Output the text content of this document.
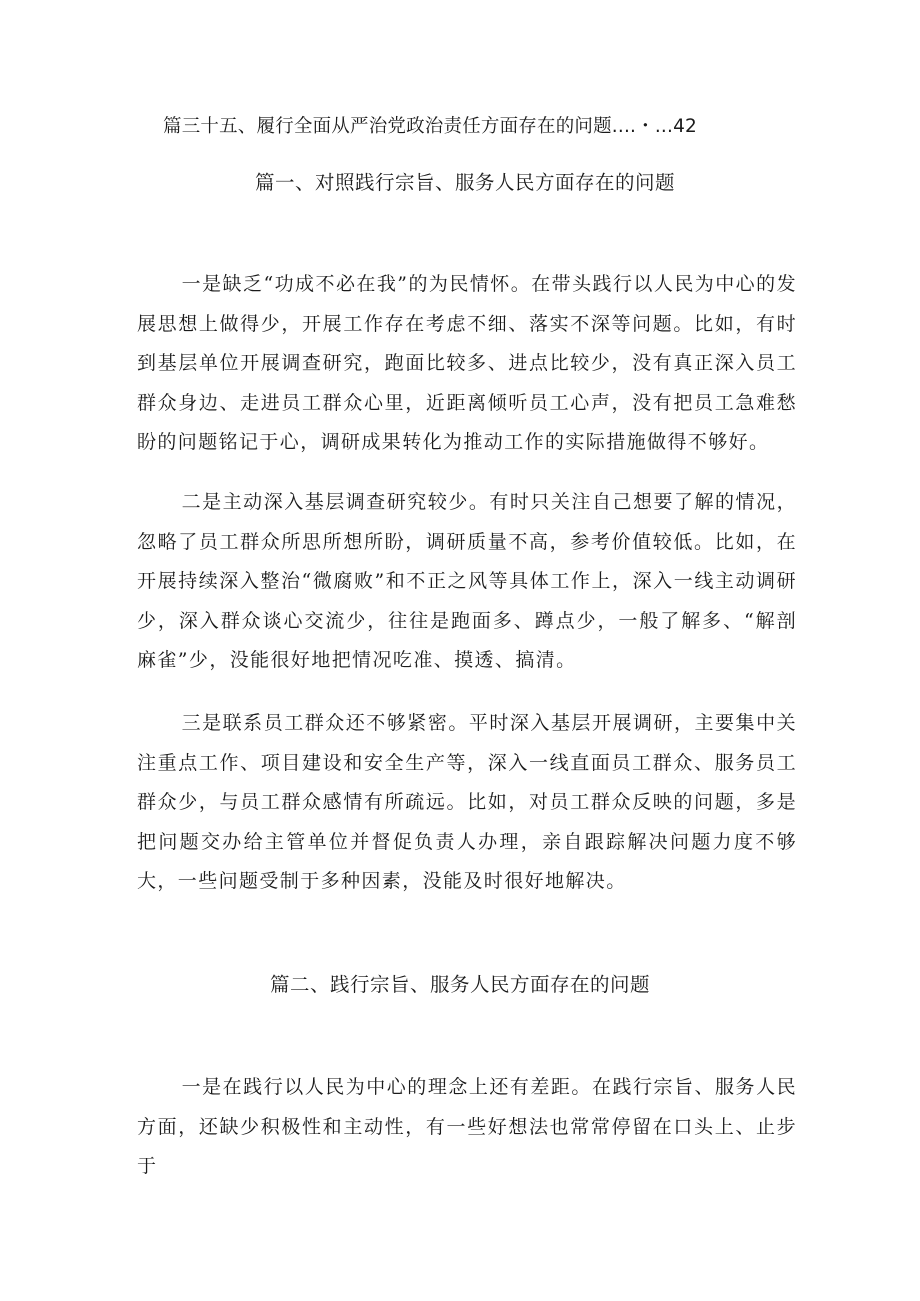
篇三十五、履行全面从严治党政治责任方面存在的问题....・...42
篇一、对照践行宗旨、服务人民方面存在的问题

一是缺乏“功成不必在我”的为民情怀。在带头践行以人民为中心的发展思想上做得少，开展工作存在考虑不细、落实不深等问题。比如，有时到基层单位开展调查研究，跑面比较多、进点比较少，没有真正深入员工群众身边、走进员工群众心里，近距离倾听员工心声，没有把员工急难愁盼的问题铭记于心，调研成果转化为推动工作的实际措施做得不够好。

二是主动深入基层调查研究较少。有时只关注自己想要了解的情况，忽略了员工群众所思所想所盼，调研质量不高，参考价值较低。比如，在开展持续深入整治“微腐败”和不正之风等具体工作上，深入一线主动调研少，深入群众谈心交流少，往往是跑面多、蹲点少，一般了解多、“解剖麻雀”少，没能很好地把情况吃准、摸透、搞清。

三是联系员工群众还不够紧密。平时深入基层开展调研，主要集中关注重点工作、项目建设和安全生产等，深入一线直面员工群众、服务员工群众少，与员工群众感情有所疏远。比如，对员工群众反映的问题，多是把问题交办给主管单位并督促负责人办理，亲自跟踪解决问题力度不够大，一些问题受制于多种因素，没能及时很好地解决。

篇二、践行宗旨、服务人民方面存在的问题

一是在践行以人民为中心的理念上还有差距。在践行宗旨、服务人民方面，还缺少积极性和主动性，有一些好想法也常常停留在口头上、止步于
